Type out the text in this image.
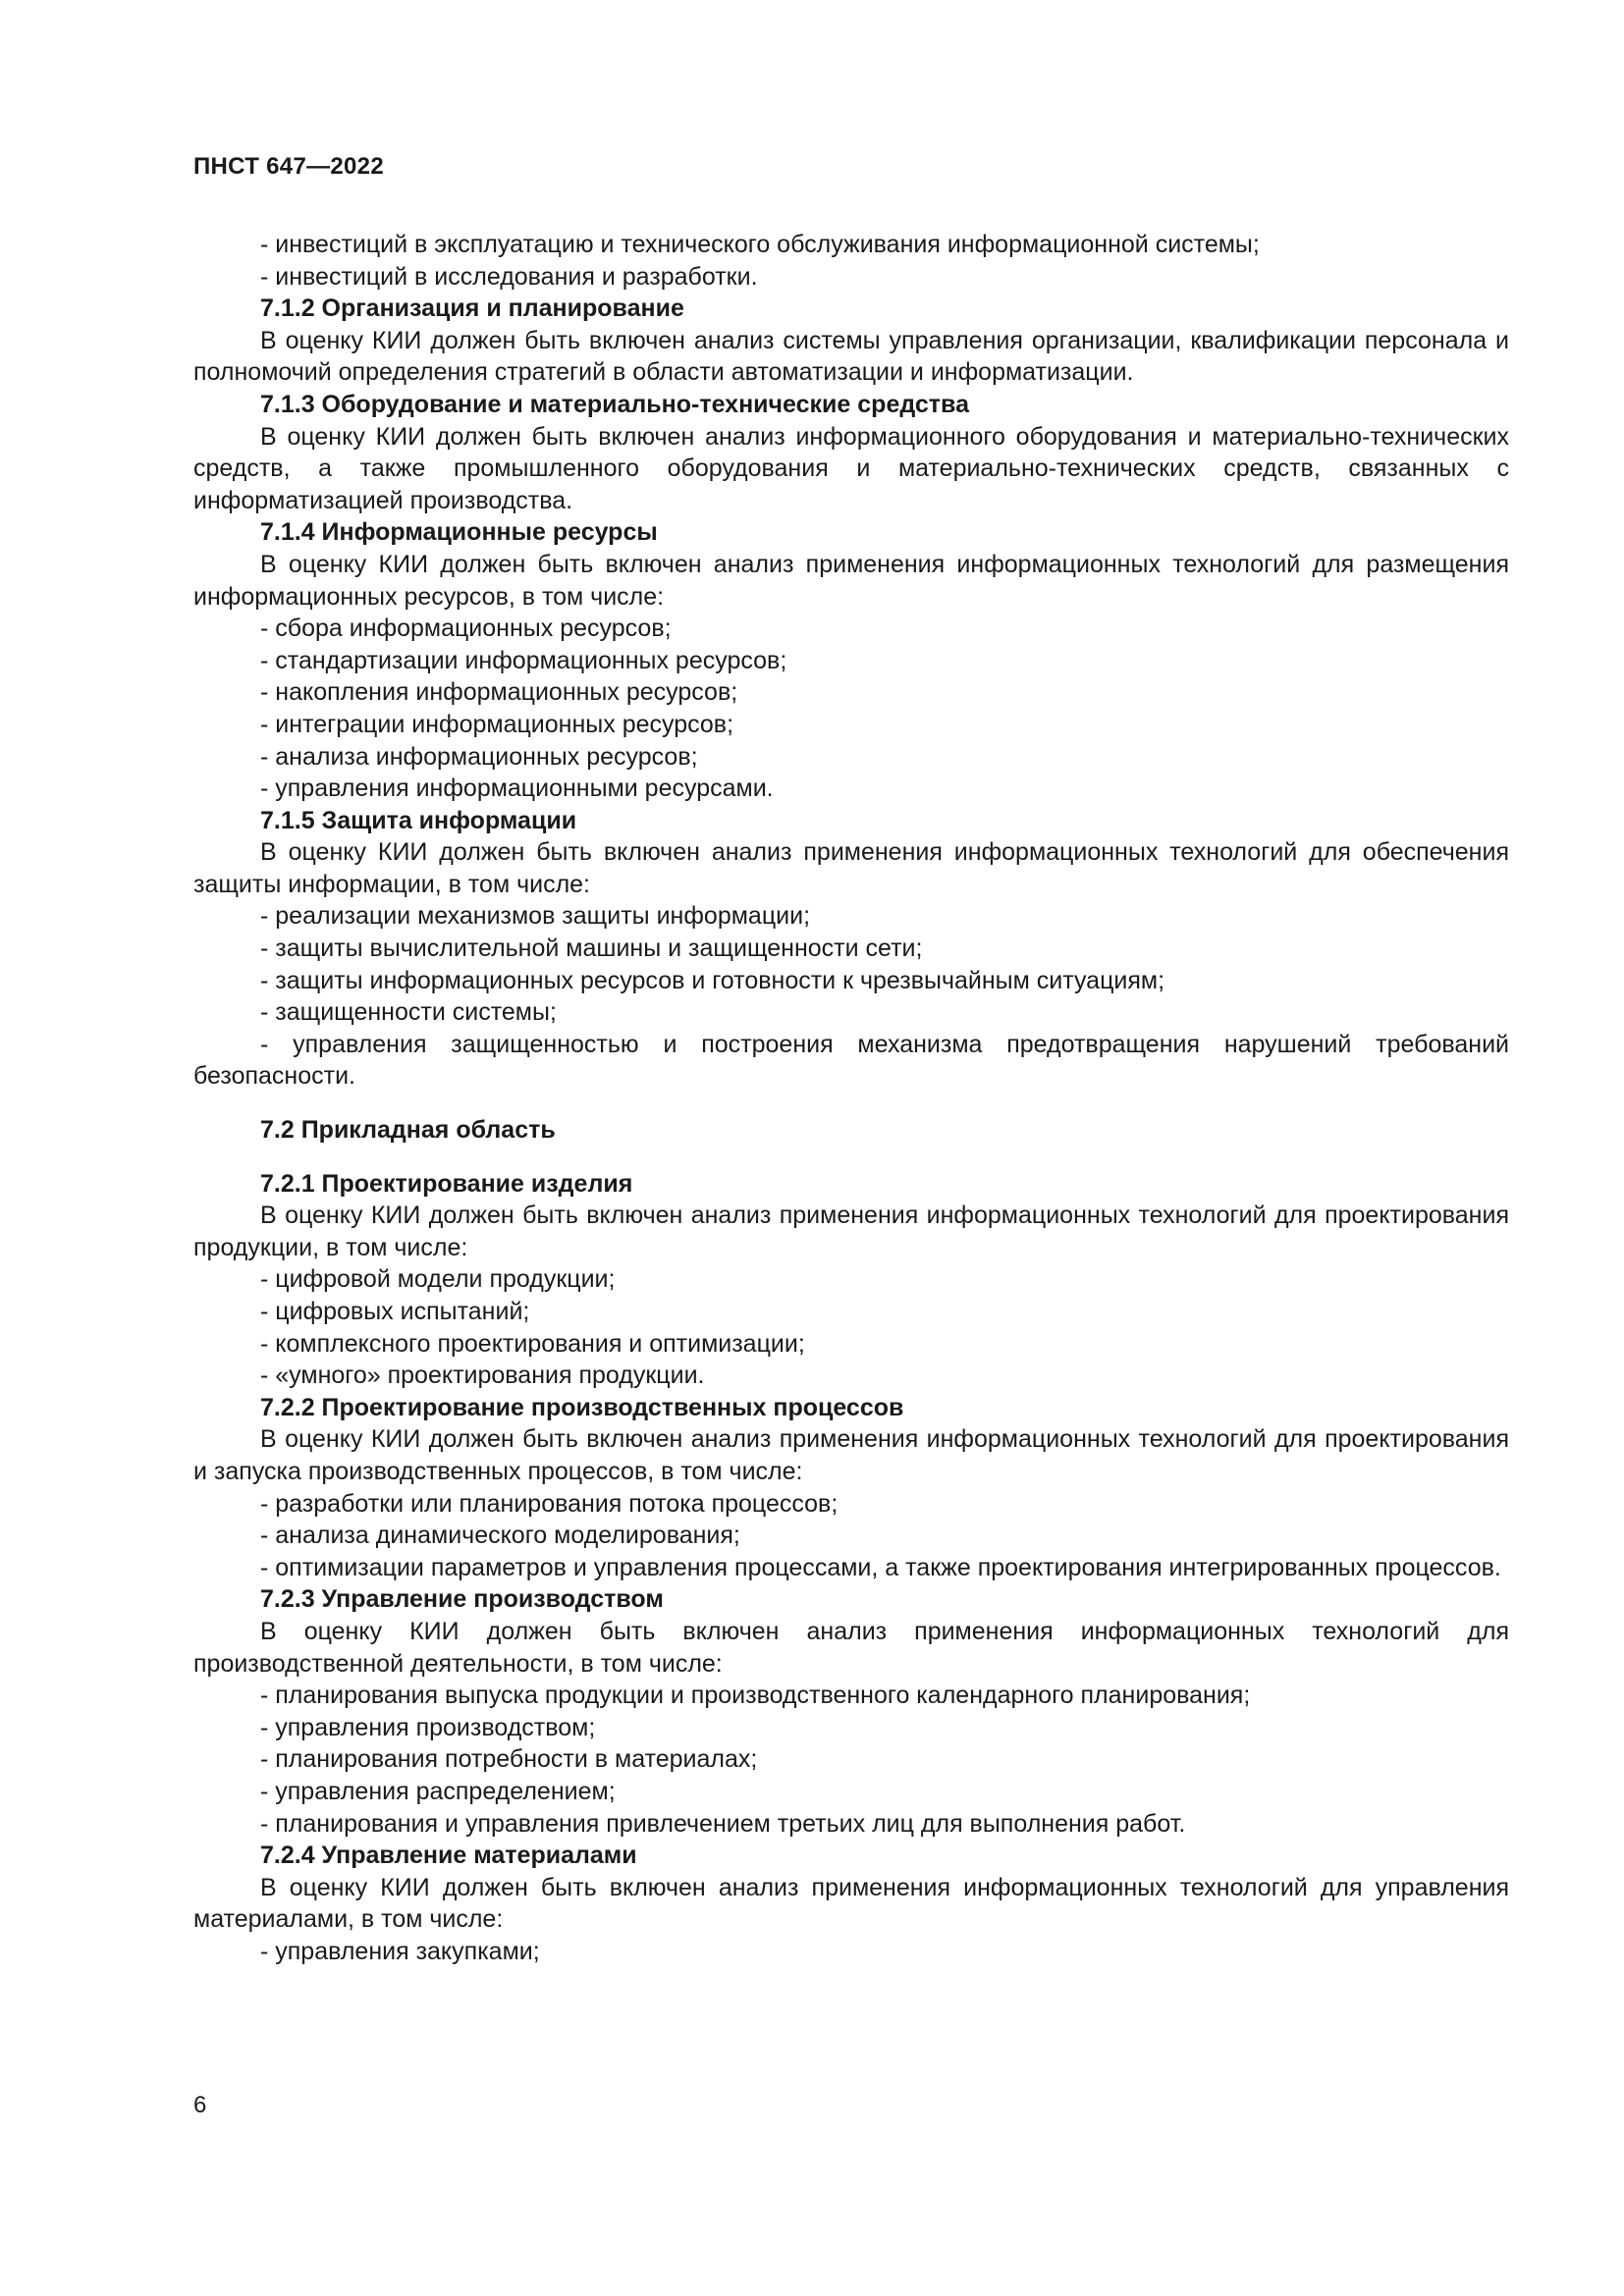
ПНСТ 647—2022

- инвестиций в эксплуатацию и технического обслуживания информационной системы;

- инвестиций в исследования и разработки.

7.1.2 Организация и планирование

В оценку КИИ должен быть включен анализ системы управления организации, квалификации персонала и полномочий определения стратегий в области автоматизации и информатизации.

7.1.3 Оборудование и материально-технические средства

В оценку КИИ должен быть включен анализ информационного оборудования и материально-технических средств, а также промышленного оборудования и материально-технических средств, связанных с информатизацией производства.

7.1.4 Информационные ресурсы

В оценку КИИ должен быть включен анализ применения информационных технологий для размещения информационных ресурсов, в том числе:

- сбора информационных ресурсов;

- стандартизации информационных ресурсов;

- накопления информационных ресурсов;

- интеграции информационных ресурсов;

- анализа информационных ресурсов;

- управления информационными ресурсами.

7.1.5 Защита информации

В оценку КИИ должен быть включен анализ применения информационных технологий для обеспечения защиты информации, в том числе:

- реализации механизмов защиты информации;

- защиты вычислительной машины и защищенности сети;

- защиты информационных ресурсов и готовности к чрезвычайным ситуациям;

- защищенности системы;

- управления защищенностью и построения механизма предотвращения нарушений требований безопасности.

7.2 Прикладная область

7.2.1 Проектирование изделия

В оценку КИИ должен быть включен анализ применения информационных технологий для проектирования продукции, в том числе:

- цифровой модели продукции;

- цифровых испытаний;

- комплексного проектирования и оптимизации;

- «умного» проектирования продукции.

7.2.2 Проектирование производственных процессов

В оценку КИИ должен быть включен анализ применения информационных технологий для проектирования и запуска производственных процессов, в том числе:

- разработки или планирования потока процессов;

- анализа динамического моделирования;

- оптимизации параметров и управления процессами, а также проектирования интегрированных процессов.

7.2.3 Управление производством

В оценку КИИ должен быть включен анализ применения информационных технологий для производственной деятельности, в том числе:

- планирования выпуска продукции и производственного календарного планирования;

- управления производством;

- планирования потребности в материалах;

- управления распределением;

- планирования и управления привлечением третьих лиц для выполнения работ.

7.2.4 Управление материалами

В оценку КИИ должен быть включен анализ применения информационных технологий для управления материалами, в том числе:

- управления закупками;

6
